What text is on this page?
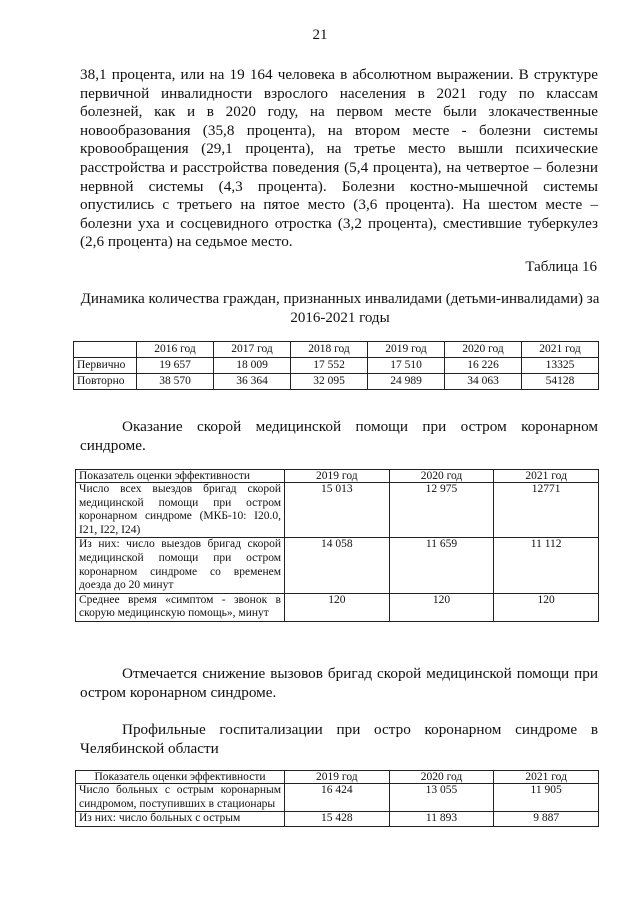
21

38,1 процента, или на 19 164 человека в абсолютном выражении. В структуре первичной инвалидности взрослого населения в 2021 году по классам болезней, как и в 2020 году, на первом месте были злокачественные новообразования (35,8 процента), на втором месте - болезни системы кровообращения (29,1 процента), на третье место вышли психические расстройства и расстройства поведения (5,4 процента), на четвертое – болезни нервной системы (4,3 процента). Болезни костно-мышечной системы опустились с третьего на пятое место (3,6 процента). На шестом месте – болезни уха и сосцевидного отростка (3,2 процента), сместившие туберкулез (2,6 процента) на седьмое место.

Таблица 16
Динамика количества граждан, признанных инвалидами (детьми-инвалидами) за 2016-2021 годы
	2016 год	2017 год	2018 год	2019 год	2020 год	2021 год
Первично	19 657	18 009	17 552	17 510	16 226	13325
Повторно	38 570	36 364	32 095	24 989	34 063	54128

Оказание скорой медицинской помощи при остром коронарном синдроме.

Показатель оценки эффективности	2019 год	2020 год	2021 год
Число всех выездов бригад скорой медицинской помощи при остром коронарном синдроме (МКБ-10: I20.0, I21, I22, I24)	15 013	12 975	12771
Из них: число выездов бригад скорой медицинской помощи при остром коронарном синдроме со временем доезда до 20 минут	14 058	11 659	11 112
Среднее время «симптом - звонок в скорую медицинскую помощь», минут	120	120	120

Отмечается снижение вызовов бригад скорой медицинской помощи при остром коронарном синдроме.

Профильные госпитализации при остро коронарном синдроме в Челябинской области

Показатель оценки эффективности	2019 год	2020 год	2021 год
Число больных с острым коронарным синдромом, поступивших в стационары	16 424	13 055	11 905
Из них: число больных с острым	15 428	11 893	9 887
